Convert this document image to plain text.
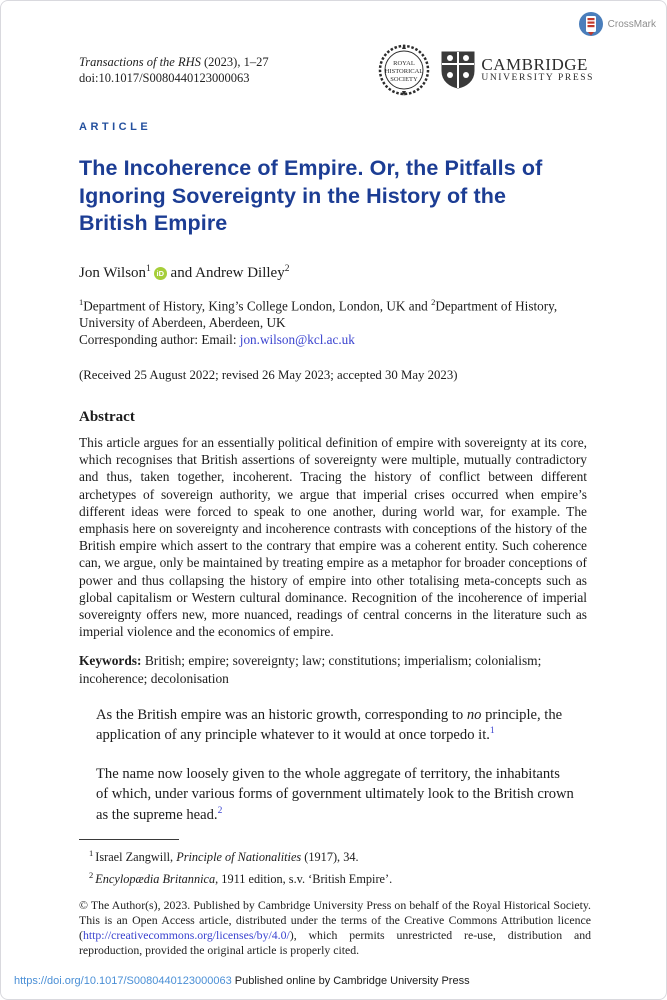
CrossMark
Transactions of the RHS (2023), 1–27
doi:10.1017/S0080440123000063
ROYAL
HISTORICAL
SOCIETY
CAMBRIDGE
UNIVERSITY PRESS
ARTICLE
The Incoherence of Empire. Or, the Pitfalls of Ignoring Sovereignty in the History of the British Empire
Jon Wilson$^1$ iD and Andrew Dilley$^2$
$^1$Department of History, King’s College London, London, UK and $^2$Department of History, University of Aberdeen, Aberdeen, UK
Corresponding author: Email: jon.wilson@kcl.ac.uk
(Received 25 August 2022; revised 26 May 2023; accepted 30 May 2023)
Abstract

This article argues for an essentially political definition of empire with sovereignty at its core, which recognises that British assertions of sovereignty were multiple, mutually contradictory and thus, taken together, incoherent. Tracing the history of conflict between different archetypes of sovereign authority, we argue that imperial crises occurred when empire’s different ideas were forced to speak to one another, during world war, for example. The emphasis here on sovereignty and incoherence contrasts with conceptions of the history of the British empire which assert to the contrary that empire was a coherent entity. Such coherence can, we argue, only be maintained by treating empire as a metaphor for broader conceptions of power and thus collapsing the history of empire into other totalising meta-concepts such as global capitalism or Western cultural dominance. Recognition of the incoherence of imperial sovereignty offers new, more nuanced, readings of central concerns in the literature such as imperial violence and the economics of empire.

Keywords: British; empire; sovereignty; law; constitutions; imperialism; colonialism; incoherence; decolonisation

As the British empire was an historic growth, corresponding to no principle, the application of any principle whatever to it would at once torpedo it.$^1$
The name now loosely given to the whole aggregate of territory, the inhabitants of which, under various forms of government ultimately look to the British crown as the supreme head.$^2$
$^1$ Israel Zangwill, Principle of Nationalities (1917), 34.
$^2$ Encylopædia Britannica, 1911 edition, s.v. ‘British Empire’.

© The Author(s), 2023. Published by Cambridge University Press on behalf of the Royal Historical Society. This is an Open Access article, distributed under the terms of the Creative Commons Attribution licence (http://creativecommons.org/licenses/by/4.0/), which permits unrestricted re-use, distribution and reproduction, provided the original article is properly cited.

https://doi.org/10.1017/S0080440123000063 Published online by Cambridge University Press
